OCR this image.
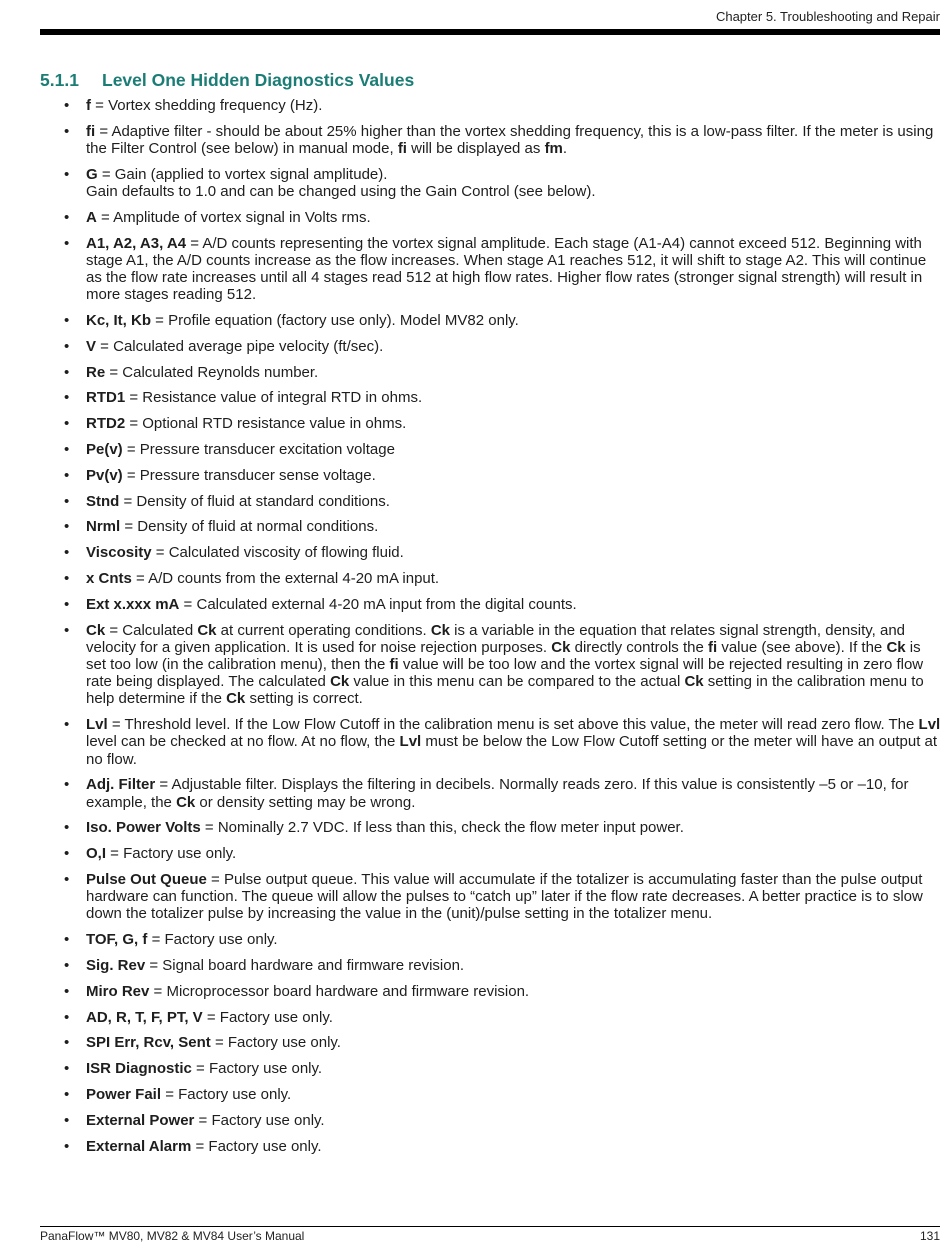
Chapter 5. Troubleshooting and Repair
5.1.1 Level One Hidden Diagnostics Values
• f = Vortex shedding frequency (Hz).
• fi = Adaptive filter - should be about 25% higher than the vortex shedding frequency, this is a low-pass filter. If the meter is using the Filter Control (see below) in manual mode, fi will be displayed as fm.
• G = Gain (applied to vortex signal amplitude).
Gain defaults to 1.0 and can be changed using the Gain Control (see below).
• A = Amplitude of vortex signal in Volts rms.
• A1, A2, A3, A4 = A/D counts representing the vortex signal amplitude. Each stage (A1-A4) cannot exceed 512. Beginning with stage A1, the A/D counts increase as the flow increases. When stage A1 reaches 512, it will shift to stage A2. This will continue as the flow rate increases until all 4 stages read 512 at high flow rates. Higher flow rates (stronger signal strength) will result in more stages reading 512.
• Kc, It, Kb = Profile equation (factory use only). Model MV82 only.
• V = Calculated average pipe velocity (ft/sec).
• Re = Calculated Reynolds number.
• RTD1 = Resistance value of integral RTD in ohms.
• RTD2 = Optional RTD resistance value in ohms.
• Pe(v) = Pressure transducer excitation voltage
• Pv(v) = Pressure transducer sense voltage.
• Stnd = Density of fluid at standard conditions.
• Nrml = Density of fluid at normal conditions.
• Viscosity = Calculated viscosity of flowing fluid.
• x Cnts = A/D counts from the external 4-20 mA input.
• Ext x.xxx mA = Calculated external 4-20 mA input from the digital counts.
• Ck = Calculated Ck at current operating conditions. Ck is a variable in the equation that relates signal strength, density, and velocity for a given application. It is used for noise rejection purposes. Ck directly controls the fi value (see above). If the Ck is set too low (in the calibration menu), then the fi value will be too low and the vortex signal will be rejected resulting in zero flow rate being displayed. The calculated Ck value in this menu can be compared to the actual Ck setting in the calibration menu to help determine if the Ck setting is correct.
• Lvl = Threshold level. If the Low Flow Cutoff in the calibration menu is set above this value, the meter will read zero flow. The Lvl level can be checked at no flow. At no flow, the Lvl must be below the Low Flow Cutoff setting or the meter will have an output at no flow.
• Adj. Filter = Adjustable filter. Displays the filtering in decibels. Normally reads zero. If this value is consistently –5 or –10, for example, the Ck or density setting may be wrong.
• Iso. Power Volts = Nominally 2.7 VDC. If less than this, check the flow meter input power.
• O,I = Factory use only.
• Pulse Out Queue = Pulse output queue. This value will accumulate if the totalizer is accumulating faster than the pulse output hardware can function. The queue will allow the pulses to “catch up” later if the flow rate decreases. A better practice is to slow down the totalizer pulse by increasing the value in the (unit)/pulse setting in the totalizer menu.
• TOF, G, f = Factory use only.
• Sig. Rev = Signal board hardware and firmware revision.
• Miro Rev = Microprocessor board hardware and firmware revision.
• AD, R, T, F, PT, V = Factory use only.
• SPI Err, Rcv, Sent = Factory use only.
• ISR Diagnostic = Factory use only.
• Power Fail = Factory use only.
• External Power = Factory use only.
• External Alarm = Factory use only.
PanaFlow™ MV80, MV82 & MV84 User’s Manual	131
